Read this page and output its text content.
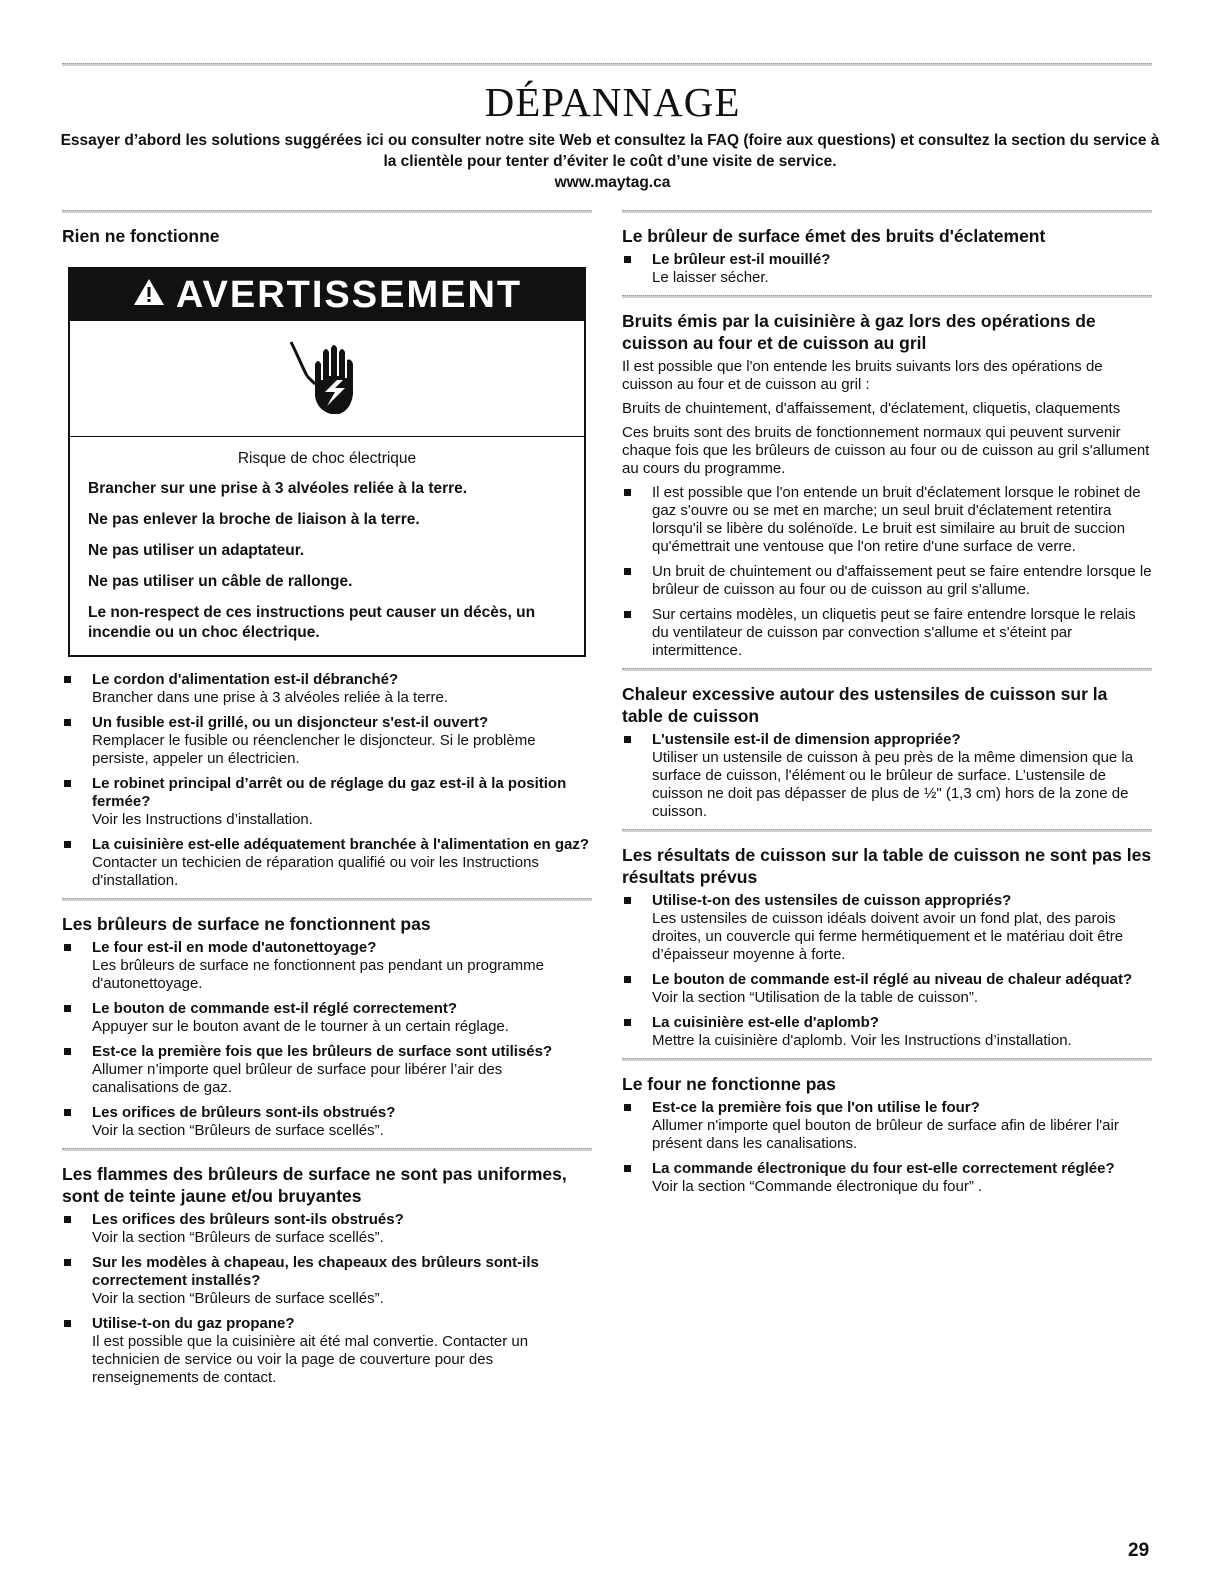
DÉPANNAGE
Essayer d’abord les solutions suggérées ici ou consulter notre site Web et consultez la FAQ (foire aux questions) et consultez la section du service à la clientèle pour tenter d’éviter le coût d’une visite de service.
www.maytag.ca
Rien ne fonctionne
AVERTISSEMENT
Risque de choc électrique

Brancher sur une prise à 3 alvéoles reliée à la terre.

Ne pas enlever la broche de liaison à la terre.

Ne pas utiliser un adaptateur.

Ne pas utiliser un câble de rallonge.

Le non-respect de ces instructions peut causer un décès, un incendie ou un choc électrique.

Le cordon d'alimentation est-il débranché?
Brancher dans une prise à 3 alvéoles reliée à la terre.
Un fusible est-il grillé, ou un disjoncteur s'est-il ouvert?
Remplacer le fusible ou réenclencher le disjoncteur. Si le problème persiste, appeler un électricien.
Le robinet principal d’arrêt ou de réglage du gaz est-il à la position fermée?
Voir les Instructions d’installation.
La cuisinière est-elle adéquatement branchée à l'alimentation en gaz?
Contacter un techicien de réparation qualifié ou voir les Instructions d'installation.
Les brûleurs de surface ne fonctionnent pas
Le four est-il en mode d'autonettoyage?
Les brûleurs de surface ne fonctionnent pas pendant un programme d'autonettoyage.
Le bouton de commande est-il réglé correctement?
Appuyer sur le bouton avant de le tourner à un certain réglage.
Est-ce la première fois que les brûleurs de surface sont utilisés? Allumer n’importe quel brûleur de surface pour libérer l’air des canalisations de gaz.
Les orifices de brûleurs sont-ils obstrués?
Voir la section “Brûleurs de surface scellés”.
Les flammes des brûleurs de surface ne sont pas uniformes, sont de teinte jaune et/ou bruyantes
Les orifices des brûleurs sont-ils obstrués?
Voir la section “Brûleurs de surface scellés”.
Sur les modèles à chapeau, les chapeaux des brûleurs sont-ils correctement installés?
Voir la section “Brûleurs de surface scellés”.
Utilise-t-on du gaz propane?
Il est possible que la cuisinière ait été mal convertie. Contacter un technicien de service ou voir la page de couverture pour des renseignements de contact.
Le brûleur de surface émet des bruits d'éclatement
Le brûleur est-il mouillé?
Le laisser sécher.
Bruits émis par la cuisinière à gaz lors des opérations de cuisson au four et de cuisson au gril

Il est possible que l'on entende les bruits suivants lors des opérations de cuisson au four et de cuisson au gril :

Bruits de chuintement, d'affaissement, d'éclatement, cliquetis, claquements

Ces bruits sont des bruits de fonctionnement normaux qui peuvent survenir chaque fois que les brûleurs de cuisson au four ou de cuisson au gril s'allument au cours du programme.

Il est possible que l'on entende un bruit d'éclatement lorsque le robinet de gaz s'ouvre ou se met en marche; un seul bruit d'éclatement retentira lorsqu'il se libère du solénoïde. Le bruit est similaire au bruit de succion qu'émettrait une ventouse que l'on retire d'une surface de verre.
Un bruit de chuintement ou d'affaissement peut se faire entendre lorsque le brûleur de cuisson au four ou de cuisson au gril s'allume.
Sur certains modèles, un cliquetis peut se faire entendre lorsque le relais du ventilateur de cuisson par convection s'allume et s'éteint par intermittence.
Chaleur excessive autour des ustensiles de cuisson sur la table de cuisson
L'ustensile est-il de dimension appropriée?
Utiliser un ustensile de cuisson à peu près de la même dimension que la surface de cuisson, l'élément ou le brûleur de surface. L’ustensile de cuisson ne doit pas dépasser de plus de ½" (1,3 cm) hors de la zone de cuisson.
Les résultats de cuisson sur la table de cuisson ne sont pas les résultats prévus
Utilise-t-on des ustensiles de cuisson appropriés?
Les ustensiles de cuisson idéals doivent avoir un fond plat, des parois droites, un couvercle qui ferme hermétiquement et le matériau doit être d’épaisseur moyenne à forte.
Le bouton de commande est-il réglé au niveau de chaleur adéquat?
Voir la section “Utilisation de la table de cuisson”.
La cuisinière est-elle d'aplomb?
Mettre la cuisinière d'aplomb. Voir les Instructions d’installation.
Le four ne fonctionne pas
Est-ce la première fois que l'on utilise le four?
Allumer n'importe quel bouton de brûleur de surface afin de libérer l'air présent dans les canalisations.
La commande électronique du four est-elle correctement réglée?
Voir la section “Commande électronique du four” .
29
